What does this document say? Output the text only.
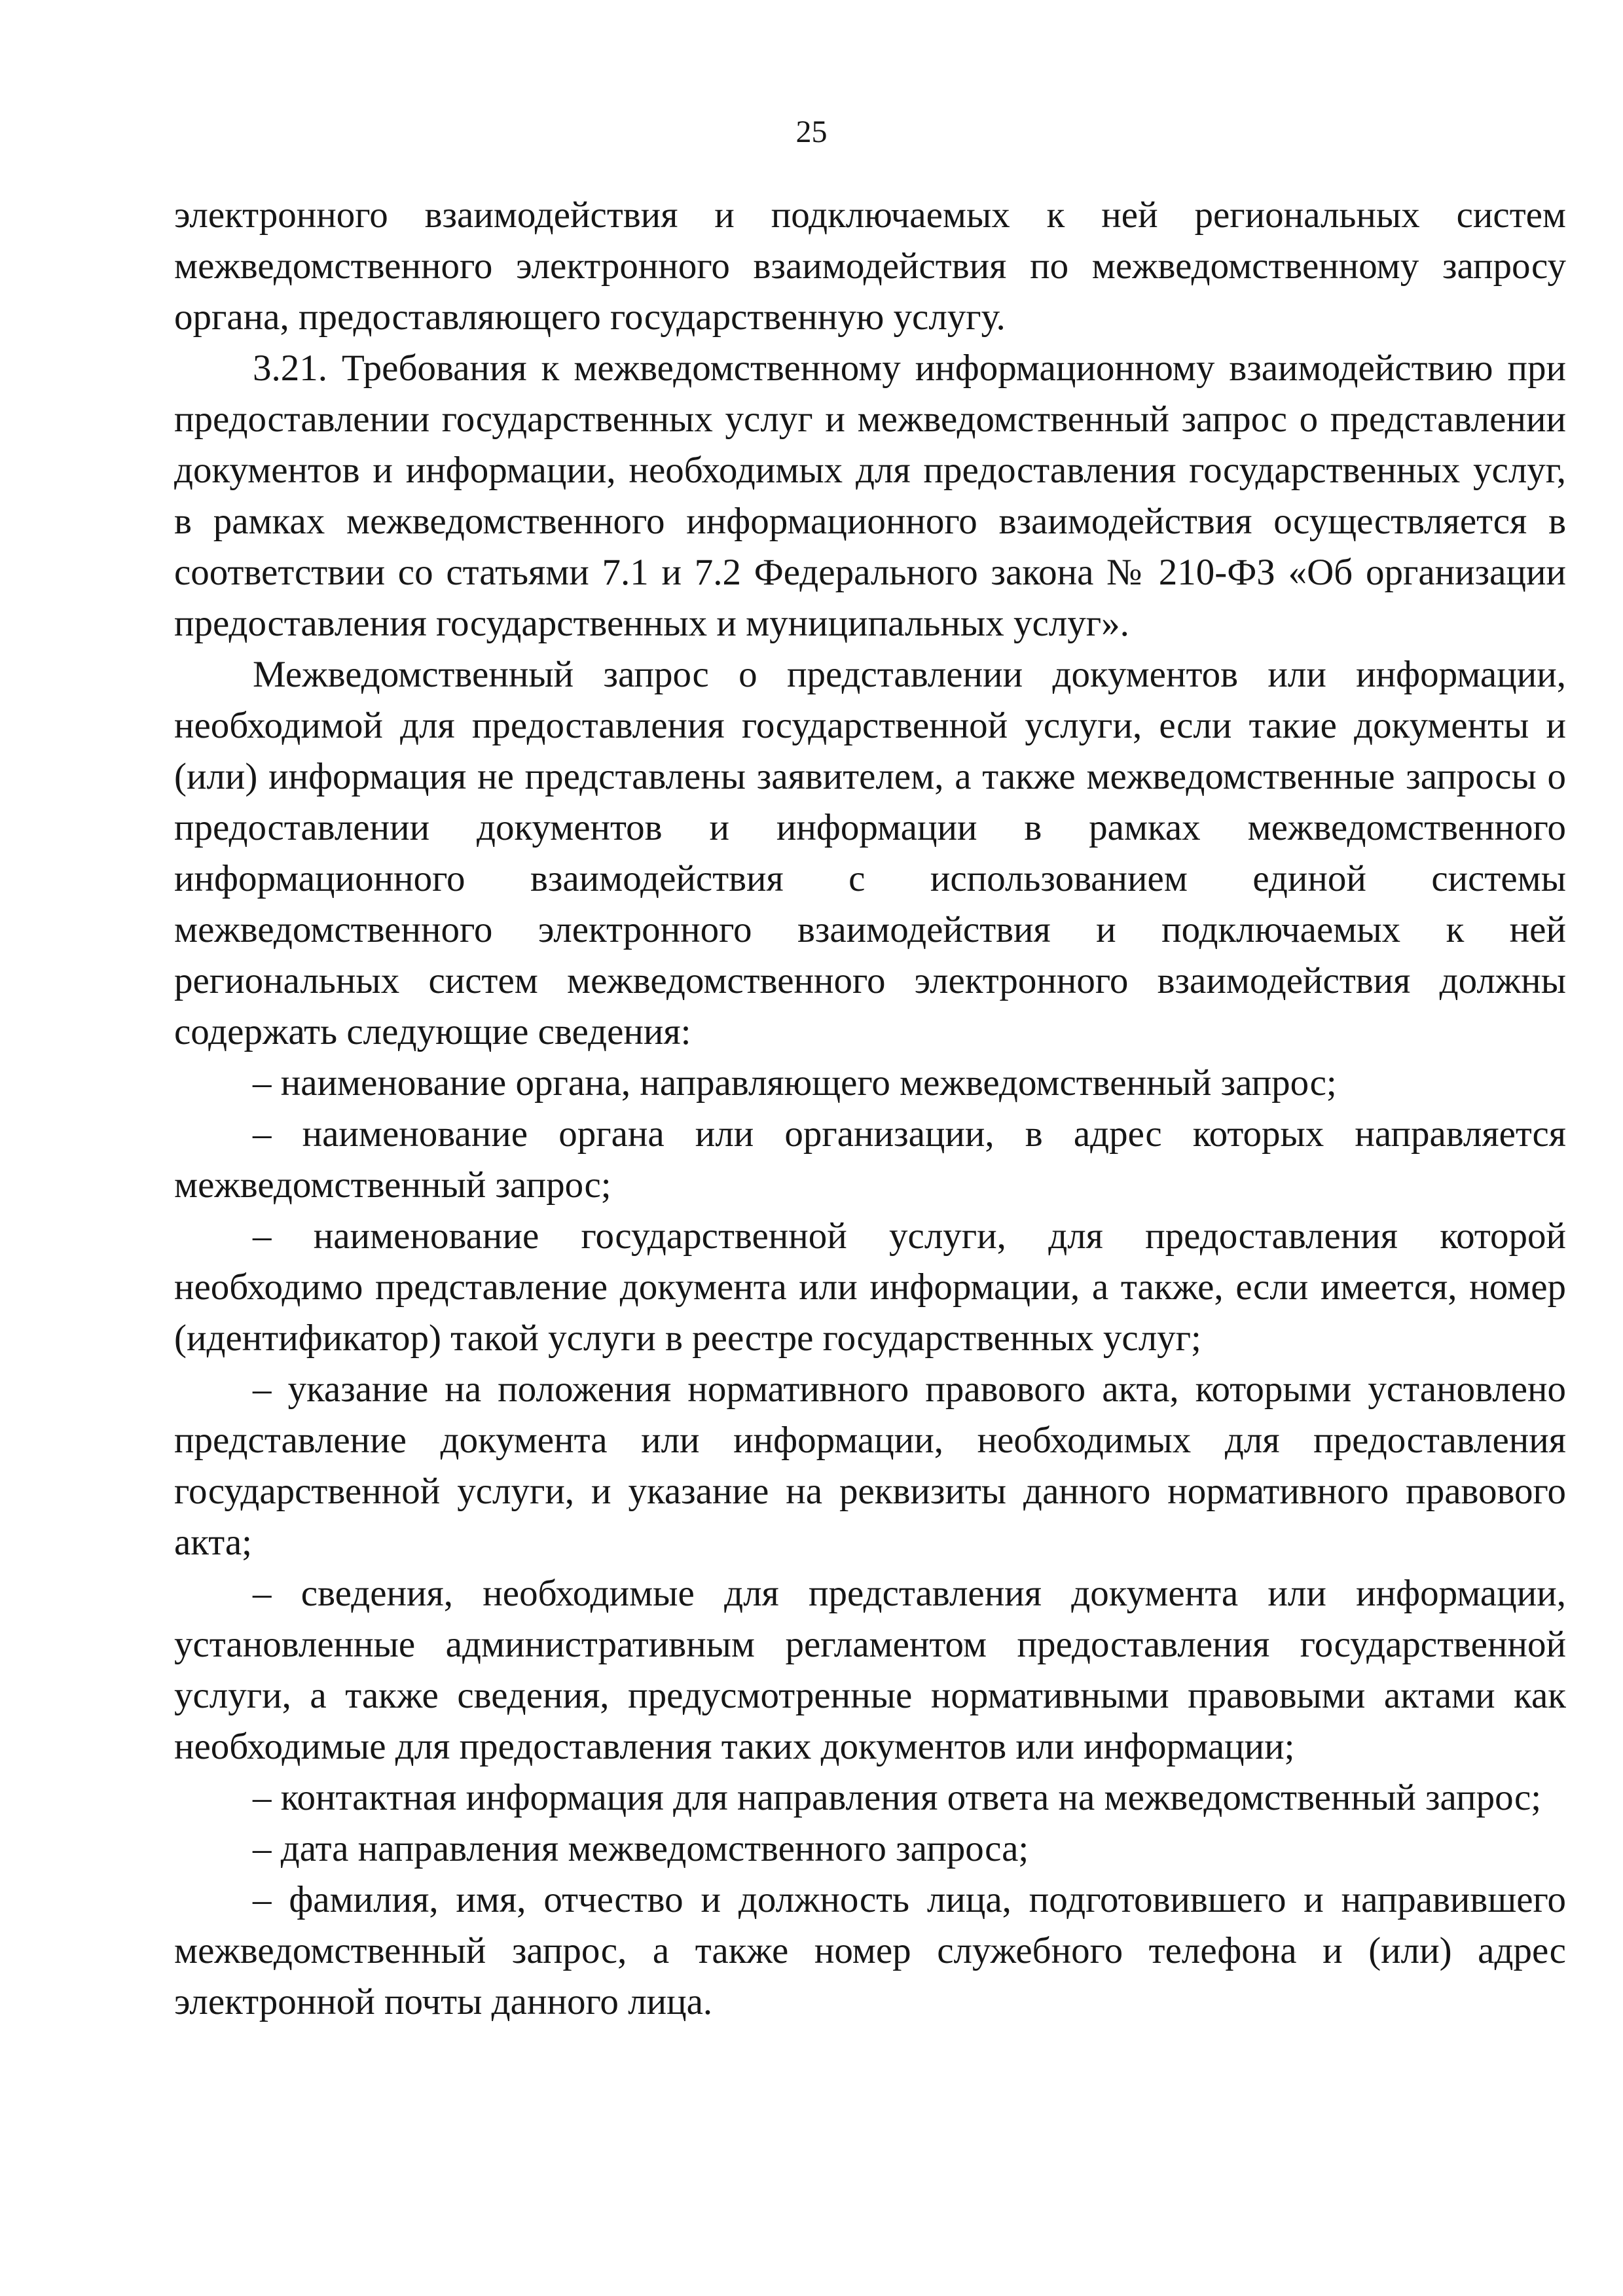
25

электронного взаимодействия и подключаемых к ней региональных систем межведомственного электронного взаимодействия по межведомственному запросу органа, предоставляющего государственную услугу.

3.21. Требования к межведомственному информационному взаимодействию при предоставлении государственных услуг и межведомственный запрос о представлении документов и информации, необходимых для предоставления государственных услуг, в рамках межведомственного информационного взаимодействия осуществляется в соответствии со статьями 7.1 и 7.2 Федерального закона № 210-ФЗ «Об организации предоставления государственных и муниципальных услуг».

Межведомственный запрос о представлении документов или информации, необходимой для предоставления государственной услуги, если такие документы и (или) информация не представлены заявителем, а также межведомственные запросы о предоставлении документов и информации в рамках межведомственного информационного взаимодействия с использованием единой системы межведомственного электронного взаимодействия и подключаемых к ней региональных систем межведомственного электронного взаимодействия должны содержать следующие сведения:

– наименование органа, направляющего межведомственный запрос;

– наименование органа или организации, в адрес которых направляется межведомственный запрос;

– наименование государственной услуги, для предоставления которой необходимо представление документа или информации, а также, если имеется, номер (идентификатор) такой услуги в реестре государственных услуг;

– указание на положения нормативного правового акта, которыми установлено представление документа или информации, необходимых для предоставления государственной услуги, и указание на реквизиты данного нормативного правового акта;

– сведения, необходимые для представления документа или информации, установленные административным регламентом предоставления государственной услуги, а также сведения, предусмотренные нормативными правовыми актами как необходимые для предоставления таких документов или информации;

– контактная информация для направления ответа на межведомственный запрос;

– дата направления межведомственного запроса;

– фамилия, имя, отчество и должность лица, подготовившего и направившего межведомственный запрос, а также номер служебного телефона и (или) адрес электронной почты данного лица.
